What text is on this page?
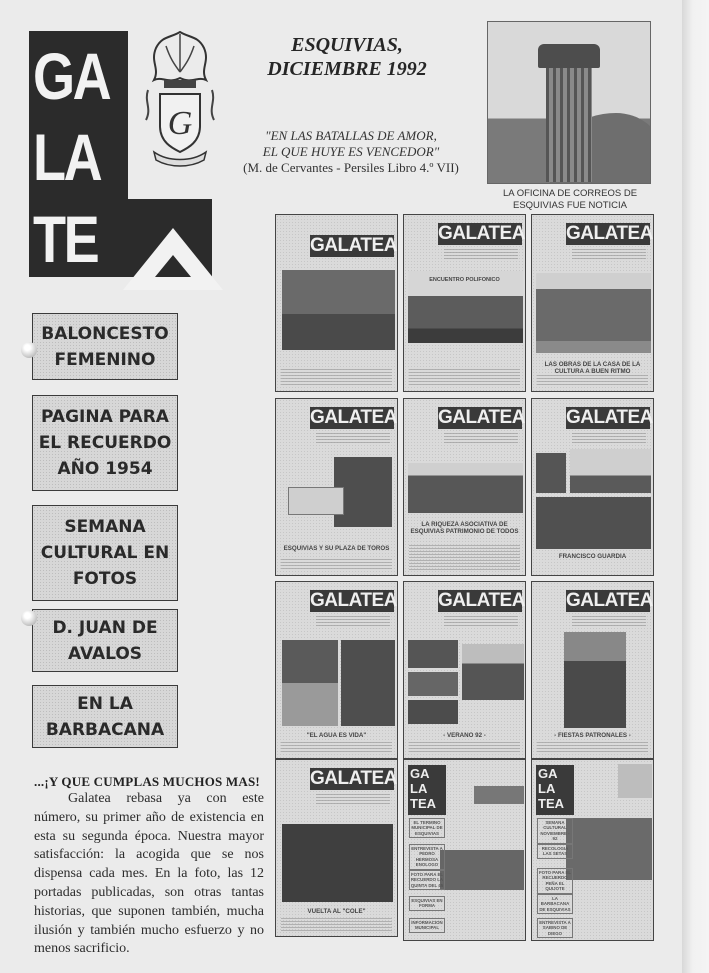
GA
LA
TE
G
ESQUIVIAS,
DICIEMBRE 1992
"EN LAS BATALLAS DE AMOR,
EL QUE HUYE ES VENCEDOR"
(M. de Cervantes - Persiles Libro 4.º VII)
LA OFICINA DE CORREOS DE
ESQUIVIAS FUE NOTICIA
BALONCESTO
FEMENINO
PAGINA PARA
EL RECUERDO
AÑO 1954
SEMANA
CULTURAL EN
FOTOS
D. JUAN DE
AVALOS
EN LA
BARBACANA
...¡Y QUE CUMPLAS MUCHOS MAS!

Galatea rebasa ya con este número, su primer año de existencia en esta su segunda época. Nuestra mayor satisfacción: la acogida que se nos dispensa cada mes. En la foto, las 12 portadas publicadas, son otras tantas historias, que suponen también, mucha ilusión y también mucho esfuerzo y no menos sacrificio.

GALATEA
GALATEA
ENCUENTRO POLIFONICO
GALATEA
LAS OBRAS DE LA CASA DE LA CULTURA A BUEN RITMO
GALATEA
ESQUIVIAS Y SU PLAZA DE TOROS
GALATEA
LA RIQUEZA ASOCIATIVA DE ESQUIVIAS PATRIMONIO DE TODOS
GALATEA
FRANCISCO GUARDIA
GALATEA
"EL AGUA ES VIDA"
GALATEA
- VERANO 92 -
GALATEA
- FIESTAS PATRONALES -
GALATEA
VUELTA AL "COLE"
GA
LA
TEA
EL TERMINO MUNICIPAL DE ESQUIVIAS
ENTREVISTA A PEDRO HERMOSA ENOLOGO
FOTO PARA EL RECUERDO LA QUINTA DEL 45
ESQUIVIAS EN FORMA
INFORMACION MUNICIPAL
GA
LA
TEA
SEMANA CULTURAL NOVIEMBRE - 92
RECOLOGIA LAS SETAS
FOTO PARA EL RECUERDO PEÑA EL QUIJOTE
LA BARBACANA DE ESQUIVIAS
ENTREVISTA A SABINO DE DIEGO
